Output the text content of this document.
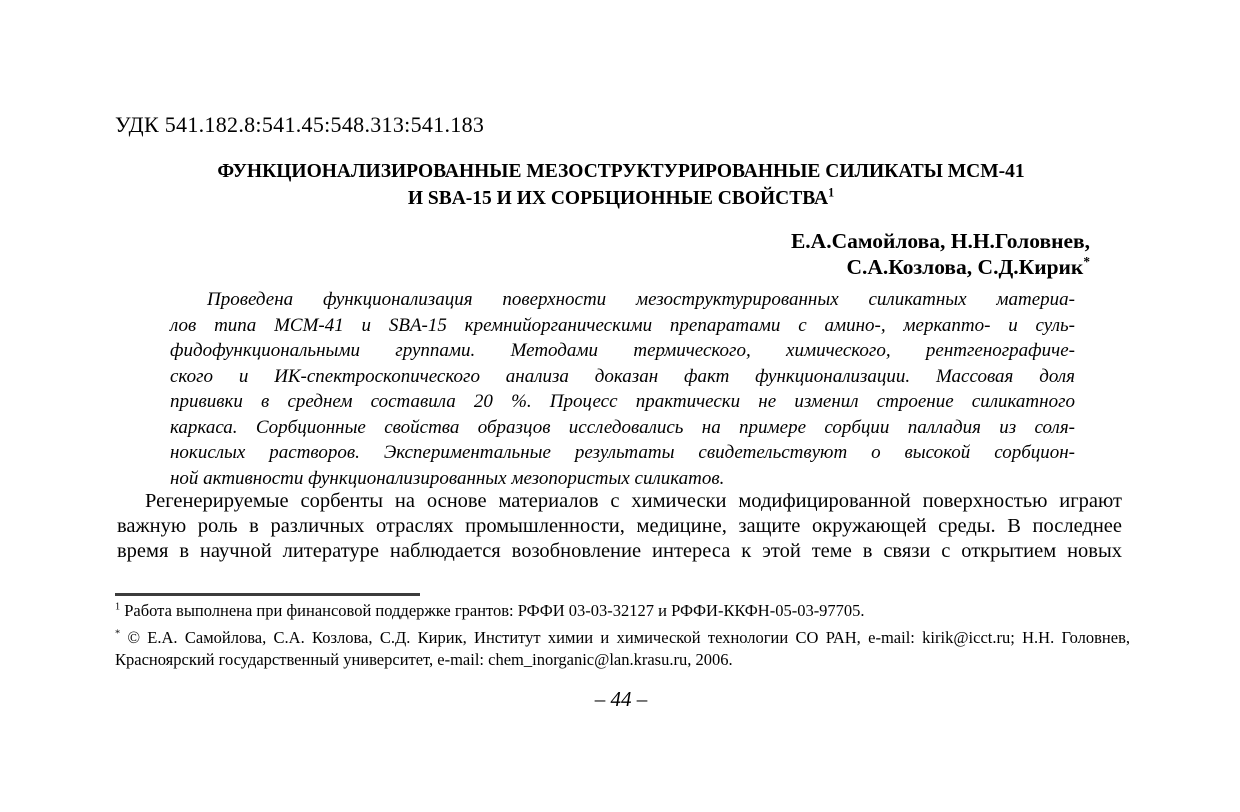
УДК 541.182.8:541.45:548.313:541.183
ФУНКЦИОНАЛИЗИРОВАННЫЕ МЕЗОСТРУКТУРИРОВАННЫЕ СИЛИКАТЫ МСМ-41
И SBA-15 И ИХ СОРБЦИОННЫЕ СВОЙСТВА$^1$
Е.А.Самойлова, Н.Н.Головнев,
С.А.Козлова, С.Д.Кирик*
Проведена функционализация поверхности мезоструктурированных силикатных материа-
лов типа МСМ-41 и SBA-15 кремнийорганическими препаратами с амино-, меркапто- и суль-
фидофункциональными группами. Методами термического, химического, рентгенографиче-
ского и ИК-спектроскопического анализа доказан факт функционализации. Массовая доля
прививки в среднем составила 20 %. Процесс практически не изменил строение силикатного
каркаса. Сорбционные свойства образцов исследовались на примере сорбции палладия из соля-
нокислых растворов. Экспериментальные результаты свидетельствуют о высокой сорбцион-
ной активности функционализированных мезопористых силикатов.
Регенерируемые сорбенты на основе материалов с химически модифицированной поверхностью играют
важную роль в различных отраслях промышленности, медицине, защите окружающей среды. В последнее
время в научной литературе наблюдается возобновление интереса к этой теме в связи с открытием новых
$^1$ Работа выполнена при финансовой поддержке грантов: РФФИ 03-03-32127 и РФФИ-ККФН-05-03-97705.
* © Е.А. Самойлова, С.А. Козлова, С.Д. Кирик, Институт химии и химической технологии СО РАН, e-mail: kirik@icct.ru; Н.Н. Головнев,
Красноярский государственный университет, e-mail: chem_inorganic@lan.krasu.ru, 2006.
– 44 –
